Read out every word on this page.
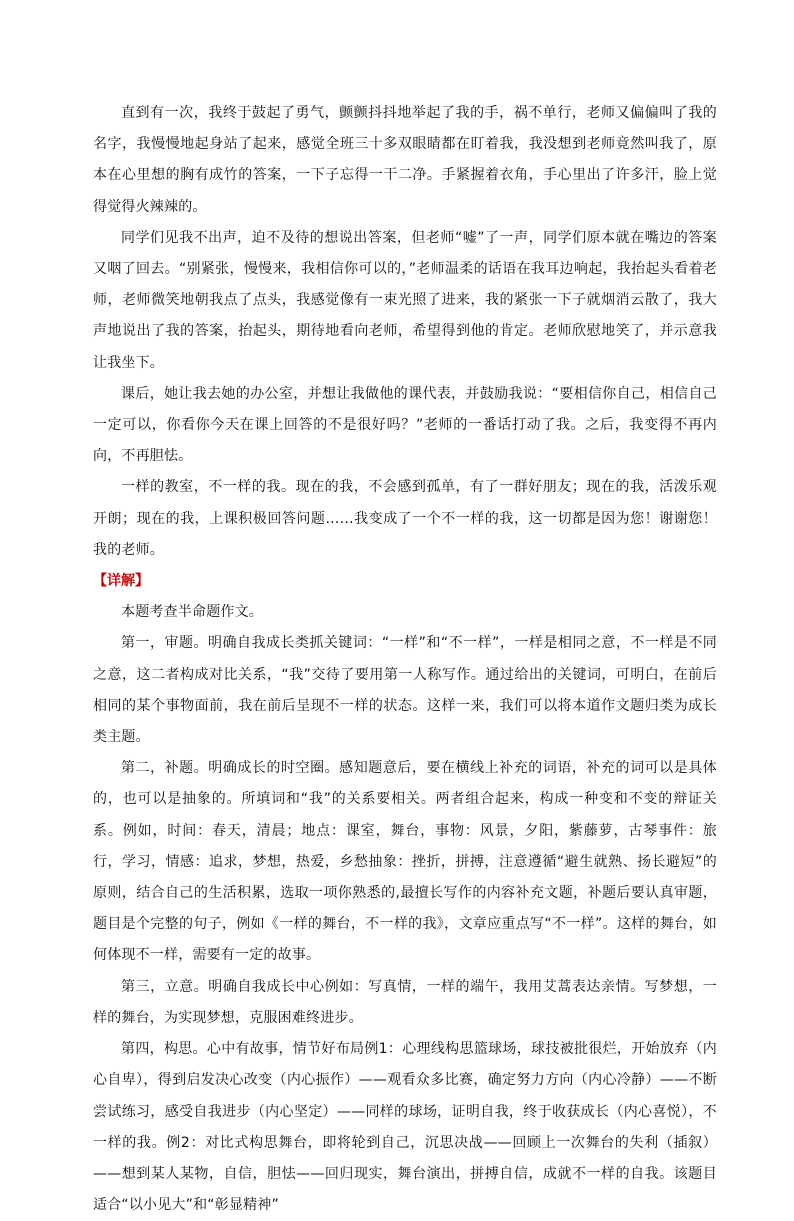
直到有一次，我终于鼓起了勇气，颤颤抖抖地举起了我的手，祸不单行，老师又偏偏叫了我的名字，我慢慢地起身站了起来，感觉全班三十多双眼睛都在盯着我，我没想到老师竟然叫我了，原本在心里想的胸有成竹的答案，一下子忘得一干二净。手紧握着衣角，手心里出了许多汗，脸上觉得觉得火辣辣的。

同学们见我不出声，迫不及待的想说出答案，但老师“嘘”了一声，同学们原本就在嘴边的答案又咽了回去。“别紧张，慢慢来，我相信你可以的，”老师温柔的话语在我耳边响起，我抬起头看着老师，老师微笑地朝我点了点头，我感觉像有一束光照了进来，我的紧张一下子就烟消云散了，我大声地说出了我的答案，抬起头，期待地看向老师，希望得到他的肯定。老师欣慰地笑了，并示意我让我坐下。

课后，她让我去她的办公室，并想让我做他的课代表，并鼓励我说：“要相信你自己，相信自己一定可以，你看你今天在课上回答的不是很好吗？”老师的一番话打动了我。之后，我变得不再内向，不再胆怯。

一样的教室，不一样的我。现在的我，不会感到孤单，有了一群好朋友；现在的我，活泼乐观开朗；现在的我，上课积极回答问题……我变成了一个不一样的我，这一切都是因为您！谢谢您！我的老师。

【详解】

本题考查半命题作文。

第一，审题。明确自我成长类抓关键词：“一样”和“不一样”，一样是相同之意，不一样是不同之意，这二者构成对比关系，“我”交待了要用第一人称写作。通过给出的关键词，可明白，在前后相同的某个事物面前，我在前后呈现不一样的状态。这样一来，我们可以将本道作文题归类为成长类主题。

第二，补题。明确成长的时空圈。感知题意后，要在横线上补充的词语，补充的词可以是具体的，也可以是抽象的。所填词和“我”的关系要相关。两者组合起来，构成一种变和不变的辩证关系。例如，时间：春天，清晨；地点：课室，舞台，事物：风景，夕阳，紫藤萝，古琴事件：旅行，学习，情感：追求，梦想，热爱，乡愁抽象：挫折，拼搏，注意遵循“避生就熟、扬长避短”的原则，结合自己的生活积累，选取一项你熟悉的,最擅长写作的内容补充文题，补题后要认真审题，题目是个完整的句子，例如《一样的舞台，不一样的我》，文章应重点写“不一样”。这样的舞台，如何体现不一样，需要有一定的故事。

第三，立意。明确自我成长中心例如：写真情，一样的端午，我用艾蒿表达亲情。写梦想，一样的舞台，为实现梦想，克服困难终进步。

第四，构思。心中有故事，情节好布局例1：心理线构思篮球场，球技被批很烂，开始放弃（内心自卑），得到启发决心改变（内心振作）——观看众多比赛，确定努力方向（内心冷静）——不断尝试练习，感受自我进步（内心坚定）——同样的球场，证明自我，终于收获成长（内心喜悦），不一样的我。例2：对比式构思舞台，即将轮到自己，沉思决战——回顾上一次舞台的失利（插叙）——想到某人某物，自信，胆怯——回归现实，舞台演出，拼搏自信，成就不一样的自我。该题目适合“以小见大”和“彰显精神”
